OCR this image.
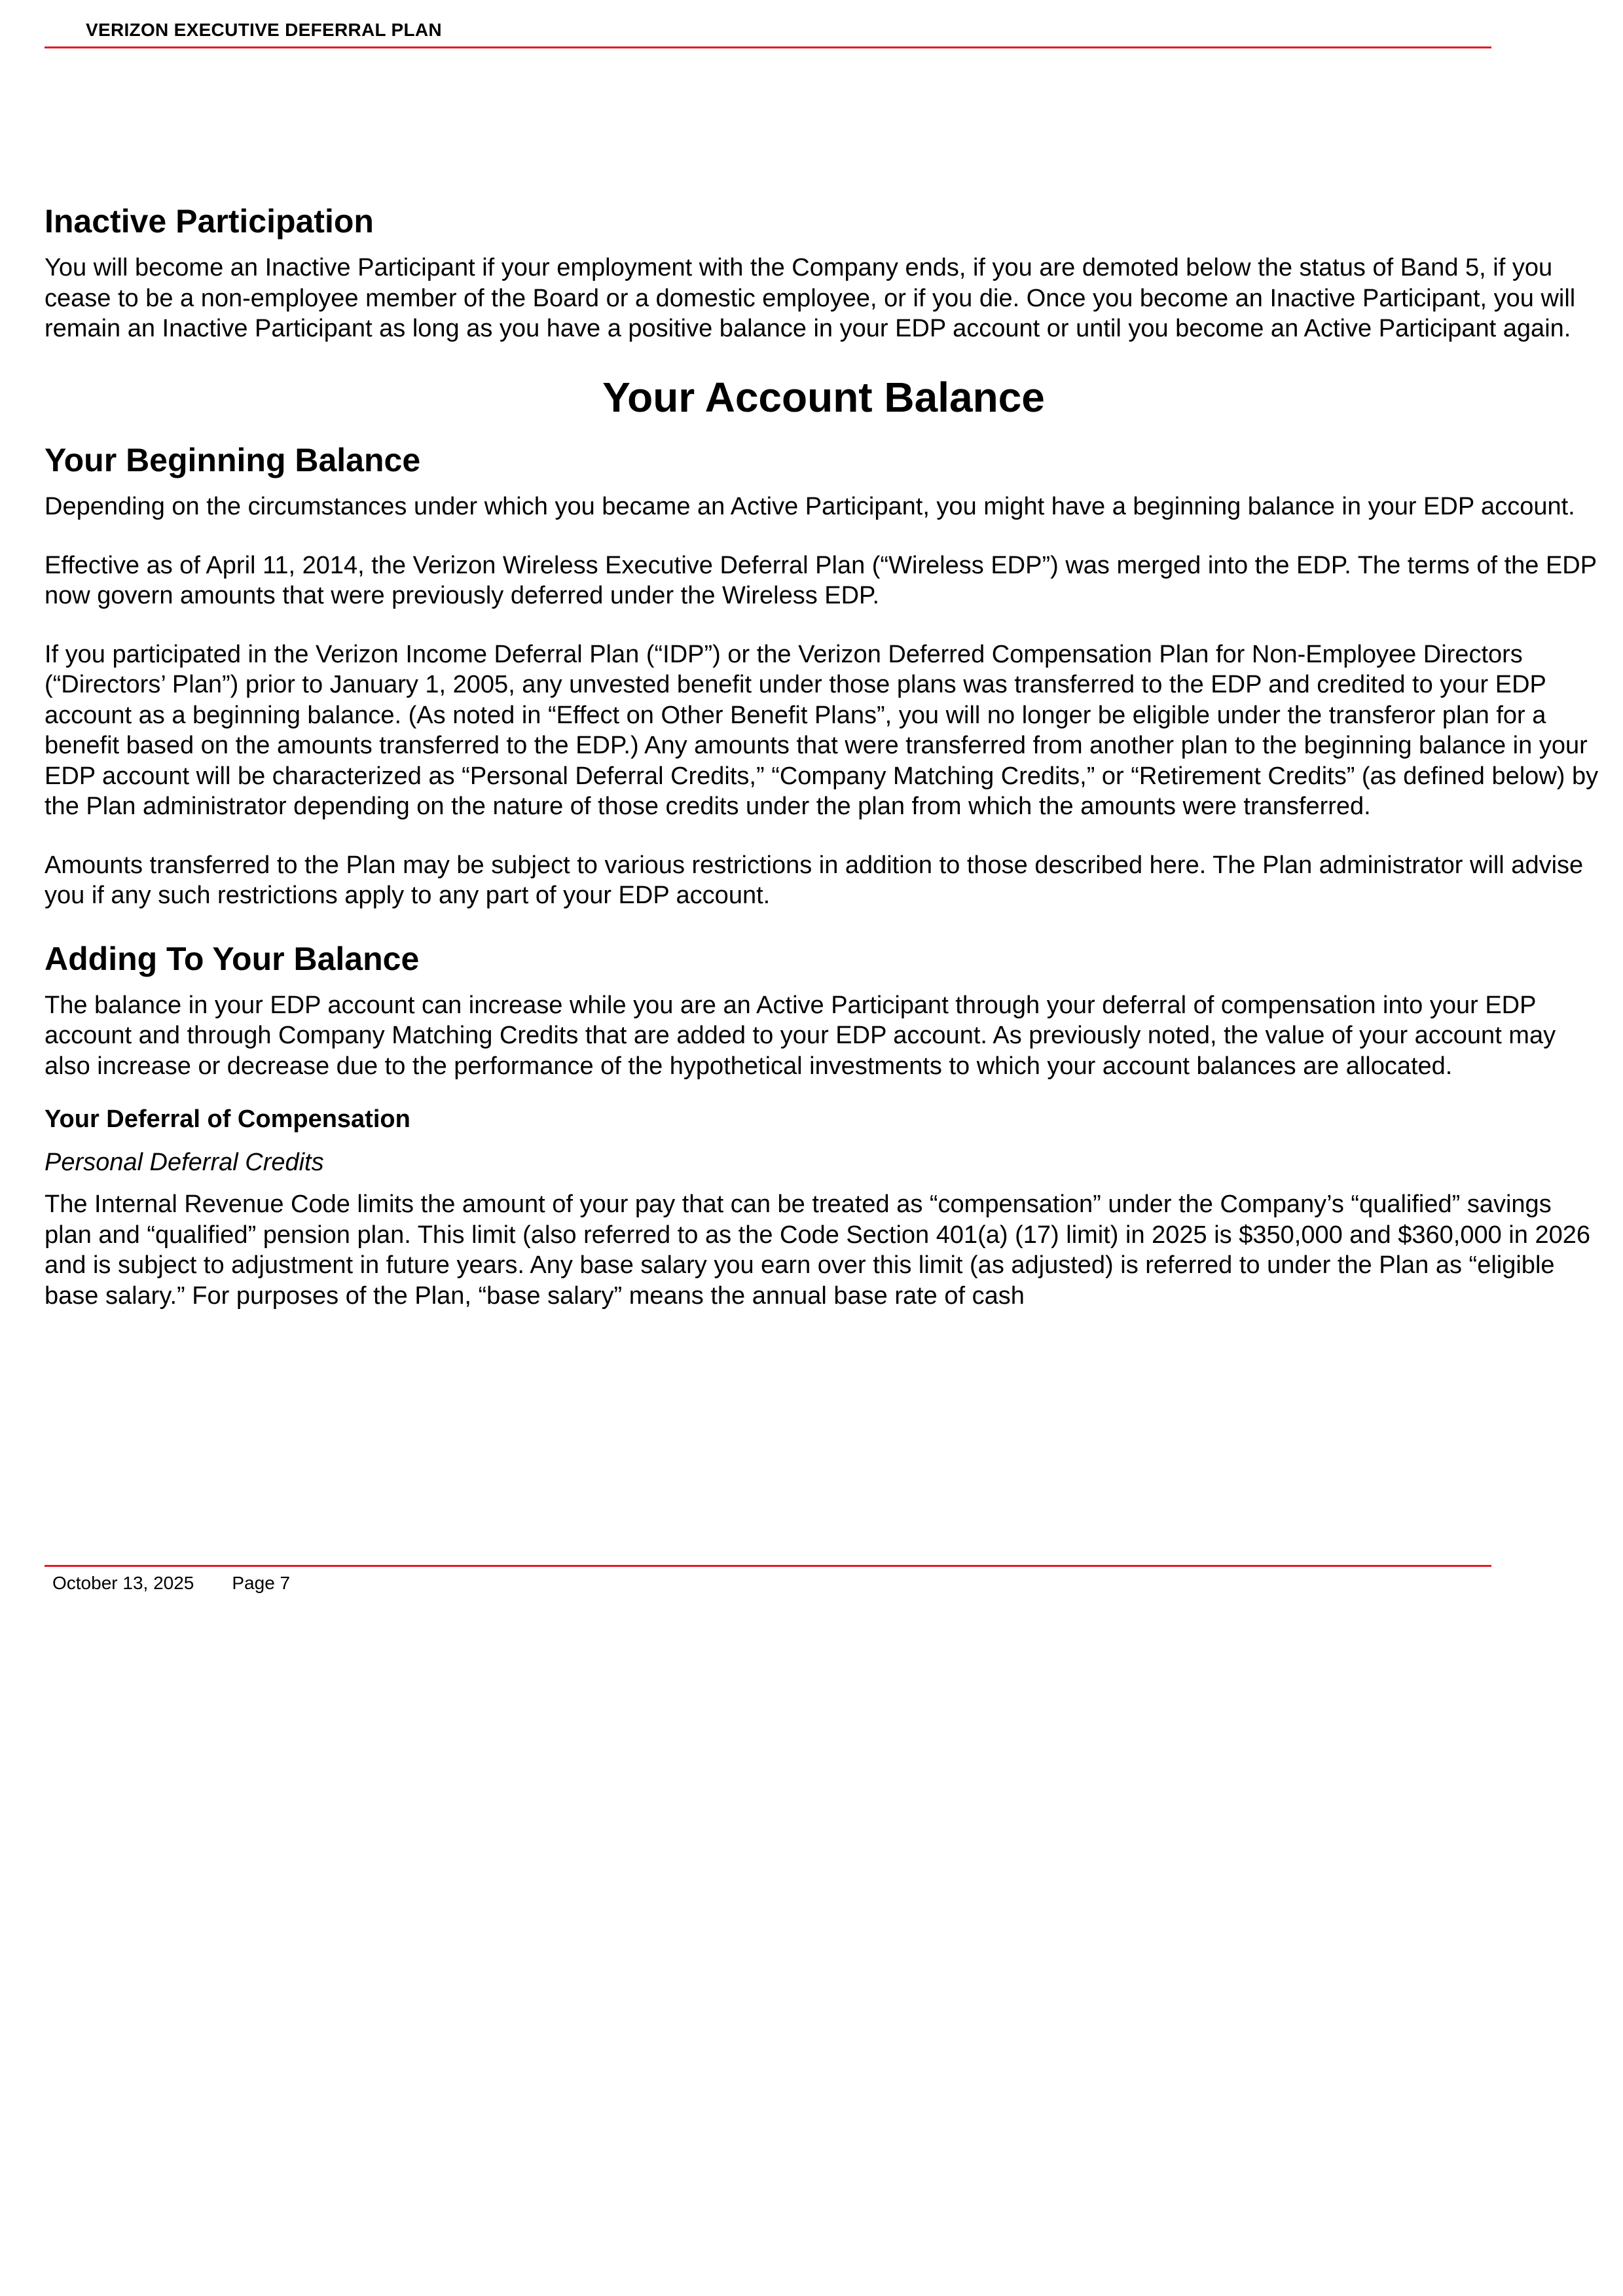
VERIZON EXECUTIVE DEFERRAL PLAN
Inactive Participation

You will become an Inactive Participant if your employment with the Company ends, if you are demoted below the status of Band 5, if you cease to be a non-employee member of the Board or a domestic employee, or if you die. Once you become an Inactive Participant, you will remain an Inactive Participant as long as you have a positive balance in your EDP account or until you become an Active Participant again.

Your Account Balance
Your Beginning Balance

Depending on the circumstances under which you became an Active Participant, you might have a beginning balance in your EDP account.

Effective as of April 11, 2014, the Verizon Wireless Executive Deferral Plan (“Wireless EDP”) was merged into the EDP. The terms of the EDP now govern amounts that were previously deferred under the Wireless EDP.

If you participated in the Verizon Income Deferral Plan (“IDP”) or the Verizon Deferred Compensation Plan for Non-Employee Directors (“Directors’ Plan”) prior to January 1, 2005, any unvested benefit under those plans was transferred to the EDP and credited to your EDP account as a beginning balance. (As noted in “Effect on Other Benefit Plans”, you will no longer be eligible under the transferor plan for a benefit based on the amounts transferred to the EDP.) Any amounts that were transferred from another plan to the beginning balance in your EDP account will be characterized as “Personal Deferral Credits,” “Company Matching Credits,” or “Retirement Credits” (as defined below) by the Plan administrator depending on the nature of those credits under the plan from which the amounts were transferred.

Amounts transferred to the Plan may be subject to various restrictions in addition to those described here. The Plan administrator will advise you if any such restrictions apply to any part of your EDP account.

Adding To Your Balance

The balance in your EDP account can increase while you are an Active Participant through your deferral of compensation into your EDP account and through Company Matching Credits that are added to your EDP account. As previously noted, the value of your account may also increase or decrease due to the performance of the hypothetical investments to which your account balances are allocated.

Your Deferral of Compensation
Personal Deferral Credits

The Internal Revenue Code limits the amount of your pay that can be treated as “compensation” under the Company’s “qualified” savings plan and “qualified” pension plan. This limit (also referred to as the Code Section 401(a) (17) limit) in 2025 is $350,000 and $360,000 in 2026 and is subject to adjustment in future years. Any base salary you earn over this limit (as adjusted) is referred to under the Plan as “eligible base salary.” For purposes of the Plan, “base salary” means the annual base rate of cash

October 13, 2025 Page 7
